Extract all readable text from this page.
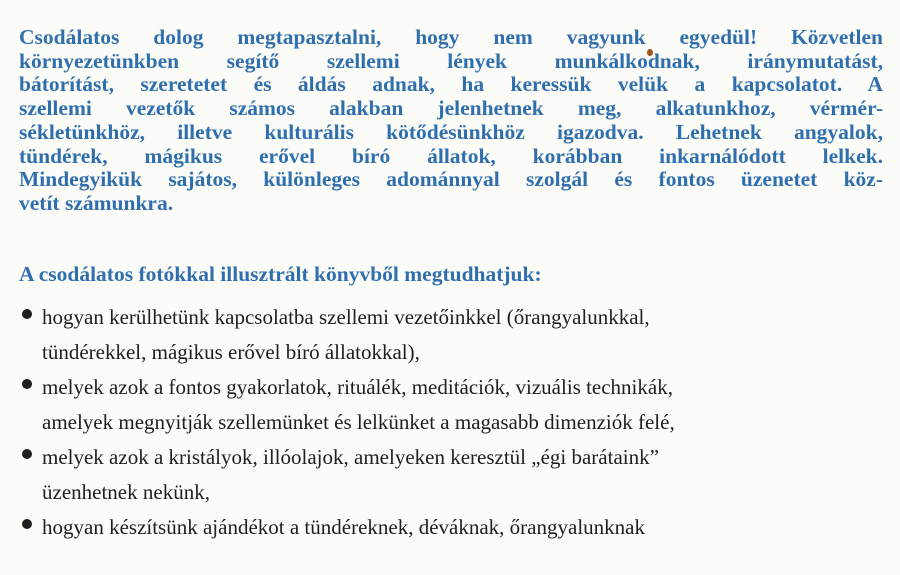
Csodálatos dolog megtapasztalni, hogy nem vagyunk egyedül! Közvetlen
környezetünkben segítő szellemi lények munkálkodnak, iránymutatást,
bátorítást, szeretetet és áldás adnak, ha keressük velük a kapcsolatot. A
szellemi vezetők számos alakban jelenhetnek meg, alkatunkhoz, vérmér-
sékletünkhöz, illetve kulturális kötődésünkhöz igazodva. Lehetnek angyalok,
tündérek, mágikus erővel bíró állatok, korábban inkarnálódott lelkek.
Mindegyikük sajátos, különleges adománnyal szolgál és fontos üzenetet köz-
vetít számunkra.
A csodálatos fotókkal illusztrált könyvből megtudhatjuk:
hogyan kerülhetünk kapcsolatba szellemi vezetőinkkel (őrangyalunkkal,
tündérekkel, mágikus erővel bíró állatokkal),
melyek azok a fontos gyakorlatok, rituálék, meditációk, vizuális technikák,
amelyek megnyitják szellemünket és lelkünket a magasabb dimenziók felé,
melyek azok a kristályok, illóolajok, amelyeken keresztül „égi barátaink”
üzenhetnek nekünk,
hogyan készítsünk ajándékot a tündéreknek, déváknak, őrangyalunknak
